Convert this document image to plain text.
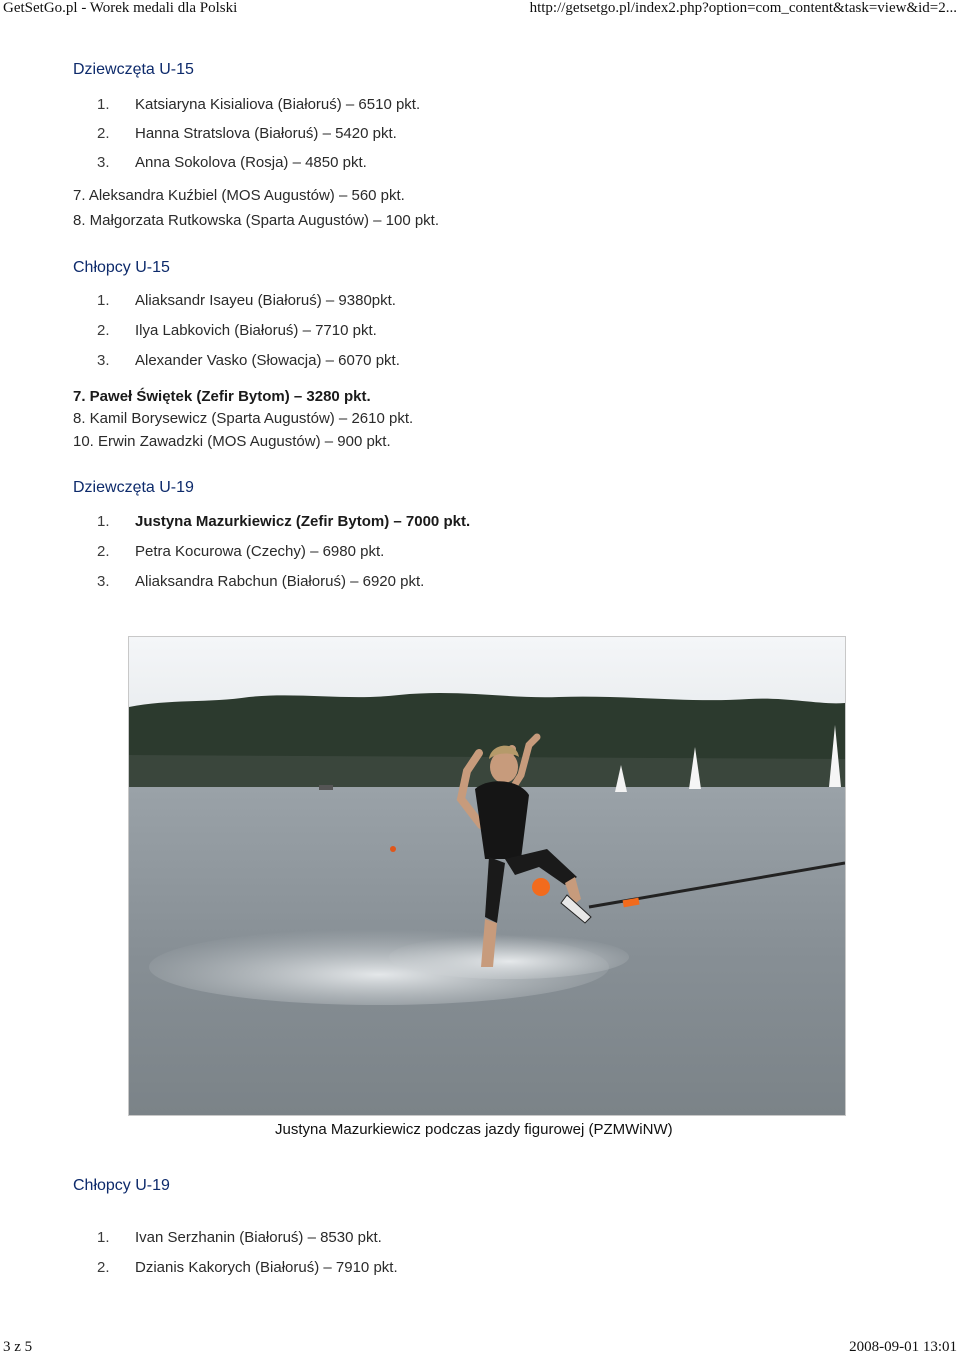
GetSetGo.pl - Worek medali dla Polski	http://getsetgo.pl/index2.php?option=com_content&task=view&id=2...
Dziewczęta U-15
1. Katsiaryna Kisialiova (Białoruś) – 6510 pkt.
2. Hanna Stratslova (Białoruś) – 5420 pkt.
3. Anna Sokolova (Rosja) – 4850 pkt.
7. Aleksandra Kuźbiel (MOS Augustów) – 560 pkt.
8. Małgorzata Rutkowska (Sparta Augustów) – 100 pkt.
Chłopcy U-15
1. Aliaksandr Isayeu (Białoruś) – 9380pkt.
2. Ilya Labkovich (Białoruś) – 7710 pkt.
3. Alexander Vasko (Słowacja) – 6070 pkt.
7. Paweł Świętek (Zefir Bytom) – 3280 pkt.
8. Kamil Borysewicz (Sparta Augustów) – 2610 pkt.
10. Erwin Zawadzki (MOS Augustów) – 900 pkt.
Dziewczęta U-19
1. Justyna Mazurkiewicz (Zefir Bytom) – 7000 pkt.
2. Petra Kocurowa (Czechy) – 6980 pkt.
3. Aliaksandra Rabchun (Białoruś) – 6920 pkt.
Justyna Mazurkiewicz podczas jazdy figurowej (PZMWiNW)
Chłopcy U-19
1. Ivan Serzhanin (Białoruś) – 8530 pkt.
2. Dzianis Kakorych (Białoruś) – 7910 pkt.
3 z 5	2008-09-01 13:01
